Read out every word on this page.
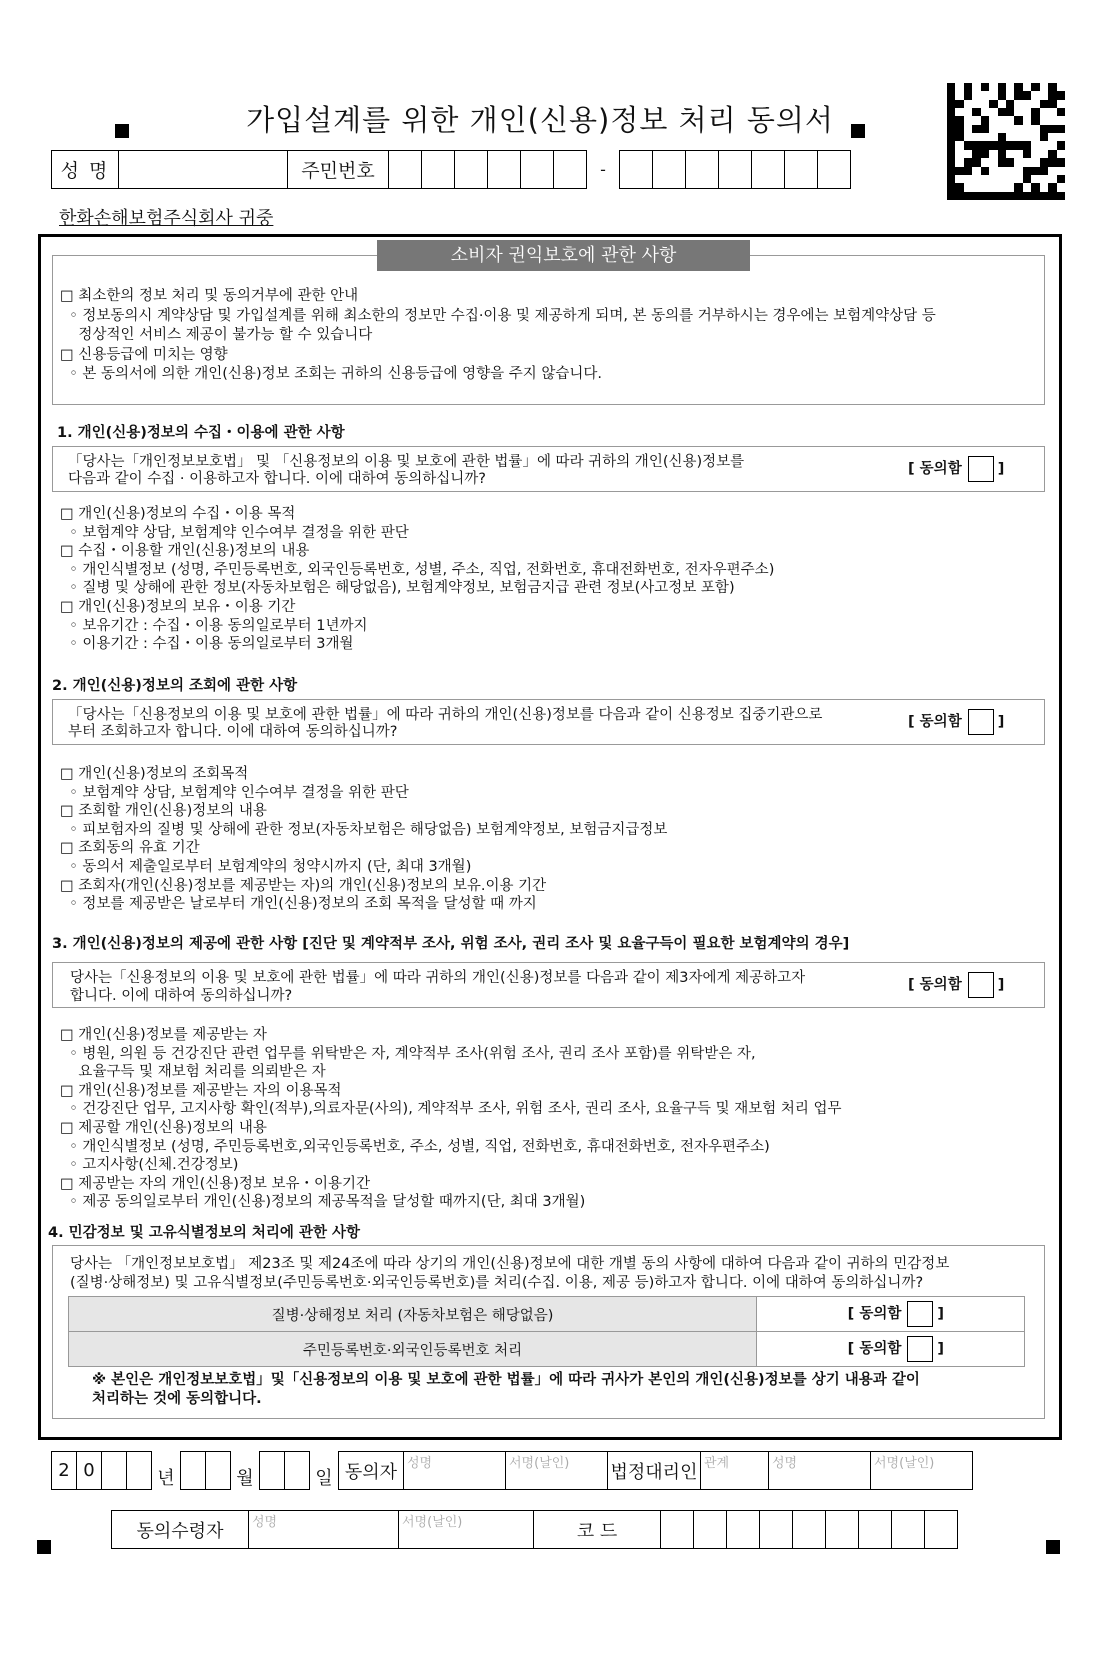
가입설계를 위한 개인(신용)정보 처리 동의서
성 명		주민번호							-							
한화손해보험주식회사 귀중
소비자 권익보호에 관한 사항
□ 최소한의 정보 처리 및 동의거부에 관한 안내
◦ 정보동의시 계약상담 및 가입설계를 위해 최소한의 정보만 수집·이용 및 제공하게 되며, 본 동의를 거부하시는 경우에는 보험계약상담 등
정상적인 서비스 제공이 불가능 할 수 있습니다
□ 신용등급에 미치는 영향
◦ 본 동의서에 의한 개인(신용)정보 조회는 귀하의 신용등급에 영향을 주지 않습니다.
1. 개인(신용)정보의 수집・이용에 관한 사항
「당사는「개인정보보호법」 및 「신용정보의 이용 및 보호에 관한 법률」에 따라 귀하의 개인(신용)정보를
다음과 같이 수집 · 이용하고자 합니다. 이에 대하여 동의하십니까?
[ 동의함 ]
□ 개인(신용)정보의 수집・이용 목적
◦ 보험계약 상담, 보험계약 인수여부 결정을 위한 판단
□ 수집・이용할 개인(신용)정보의 내용
◦ 개인식별정보 (성명, 주민등록번호, 외국인등록번호, 성별, 주소, 직업, 전화번호, 휴대전화번호, 전자우편주소)
◦ 질병 및 상해에 관한 정보(자동차보험은 해당없음), 보험계약정보, 보험금지급 관련 정보(사고정보 포함)
□ 개인(신용)정보의 보유・이용 기간
◦ 보유기간 : 수집・이용 동의일로부터 1년까지
◦ 이용기간 : 수집・이용 동의일로부터 3개월
2. 개인(신용)정보의 조회에 관한 사항
「당사는「신용정보의 이용 및 보호에 관한 법률」에 따라 귀하의 개인(신용)정보를 다음과 같이 신용정보 집중기관으로
부터 조회하고자 합니다. 이에 대하여 동의하십니까?
[ 동의함 ]
□ 개인(신용)정보의 조회목적
◦ 보험계약 상담, 보험계약 인수여부 결정을 위한 판단
□ 조회할 개인(신용)정보의 내용
◦ 피보험자의 질병 및 상해에 관한 정보(자동차보험은 해당없음) 보험계약정보, 보험금지급정보
□ 조회동의 유효 기간
◦ 동의서 제출일로부터 보험계약의 청약시까지 (단, 최대 3개월)
□ 조회자(개인(신용)정보를 제공받는 자)의 개인(신용)정보의 보유.이용 기간
◦ 정보를 제공받은 날로부터 개인(신용)정보의 조회 목적을 달성할 때 까지
3. 개인(신용)정보의 제공에 관한 사항 [진단 및 계약적부 조사, 위험 조사, 권리 조사 및 요율구득이 필요한 보험계약의 경우]
당사는「신용정보의 이용 및 보호에 관한 법률」에 따라 귀하의 개인(신용)정보를 다음과 같이 제3자에게 제공하고자
합니다. 이에 대하여 동의하십니까?
[ 동의함 ]
□ 개인(신용)정보를 제공받는 자
◦ 병원, 의원 등 건강진단 관련 업무를 위탁받은 자, 계약적부 조사(위험 조사, 권리 조사 포함)를 위탁받은 자,
요율구득 및 재보험 처리를 의뢰받은 자
□ 개인(신용)정보를 제공받는 자의 이용목적
◦ 건강진단 업무, 고지사항 확인(적부),의료자문(사의), 계약적부 조사, 위험 조사, 권리 조사, 요율구득 및 재보험 처리 업무
□ 제공할 개인(신용)정보의 내용
◦ 개인식별정보 (성명, 주민등록번호,외국인등록번호, 주소, 성별, 직업, 전화번호, 휴대전화번호, 전자우편주소)
◦ 고지사항(신체.건강정보)
□ 제공받는 자의 개인(신용)정보 보유・이용기간
◦ 제공 동의일로부터 개인(신용)정보의 제공목적을 달성할 때까지(단, 최대 3개월)
4. 민감정보 및 고유식별정보의 처리에 관한 사항
당사는 「개인정보보호법」 제23조 및 제24조에 따라 상기의 개인(신용)정보에 대한 개별 동의 사항에 대하여 다음과 같이 귀하의 민감정보
(질병·상해정보) 및 고유식별정보(주민등록번호·외국인등록번호)를 처리(수집. 이용, 제공 등)하고자 합니다. 이에 대하여 동의하십니까?
질병·상해정보 처리 (자동차보험은 해당없음)	[ 동의함 ]
주민등록번호·외국인등록번호 처리	[ 동의함 ]
※ 본인은 개인정보보호법」및「신용정보의 이용 및 보호에 관한 법률」에 따라 귀사가 본인의 개인(신용)정보를 상기 내용과 같이
처리하는 것에 동의합니다.
2	0			년			월			일	동의자	성명	서명(날인)	법정대리인	관계	성명	서명(날인)
동의수령자	성명	서명(날인)	코 드									
